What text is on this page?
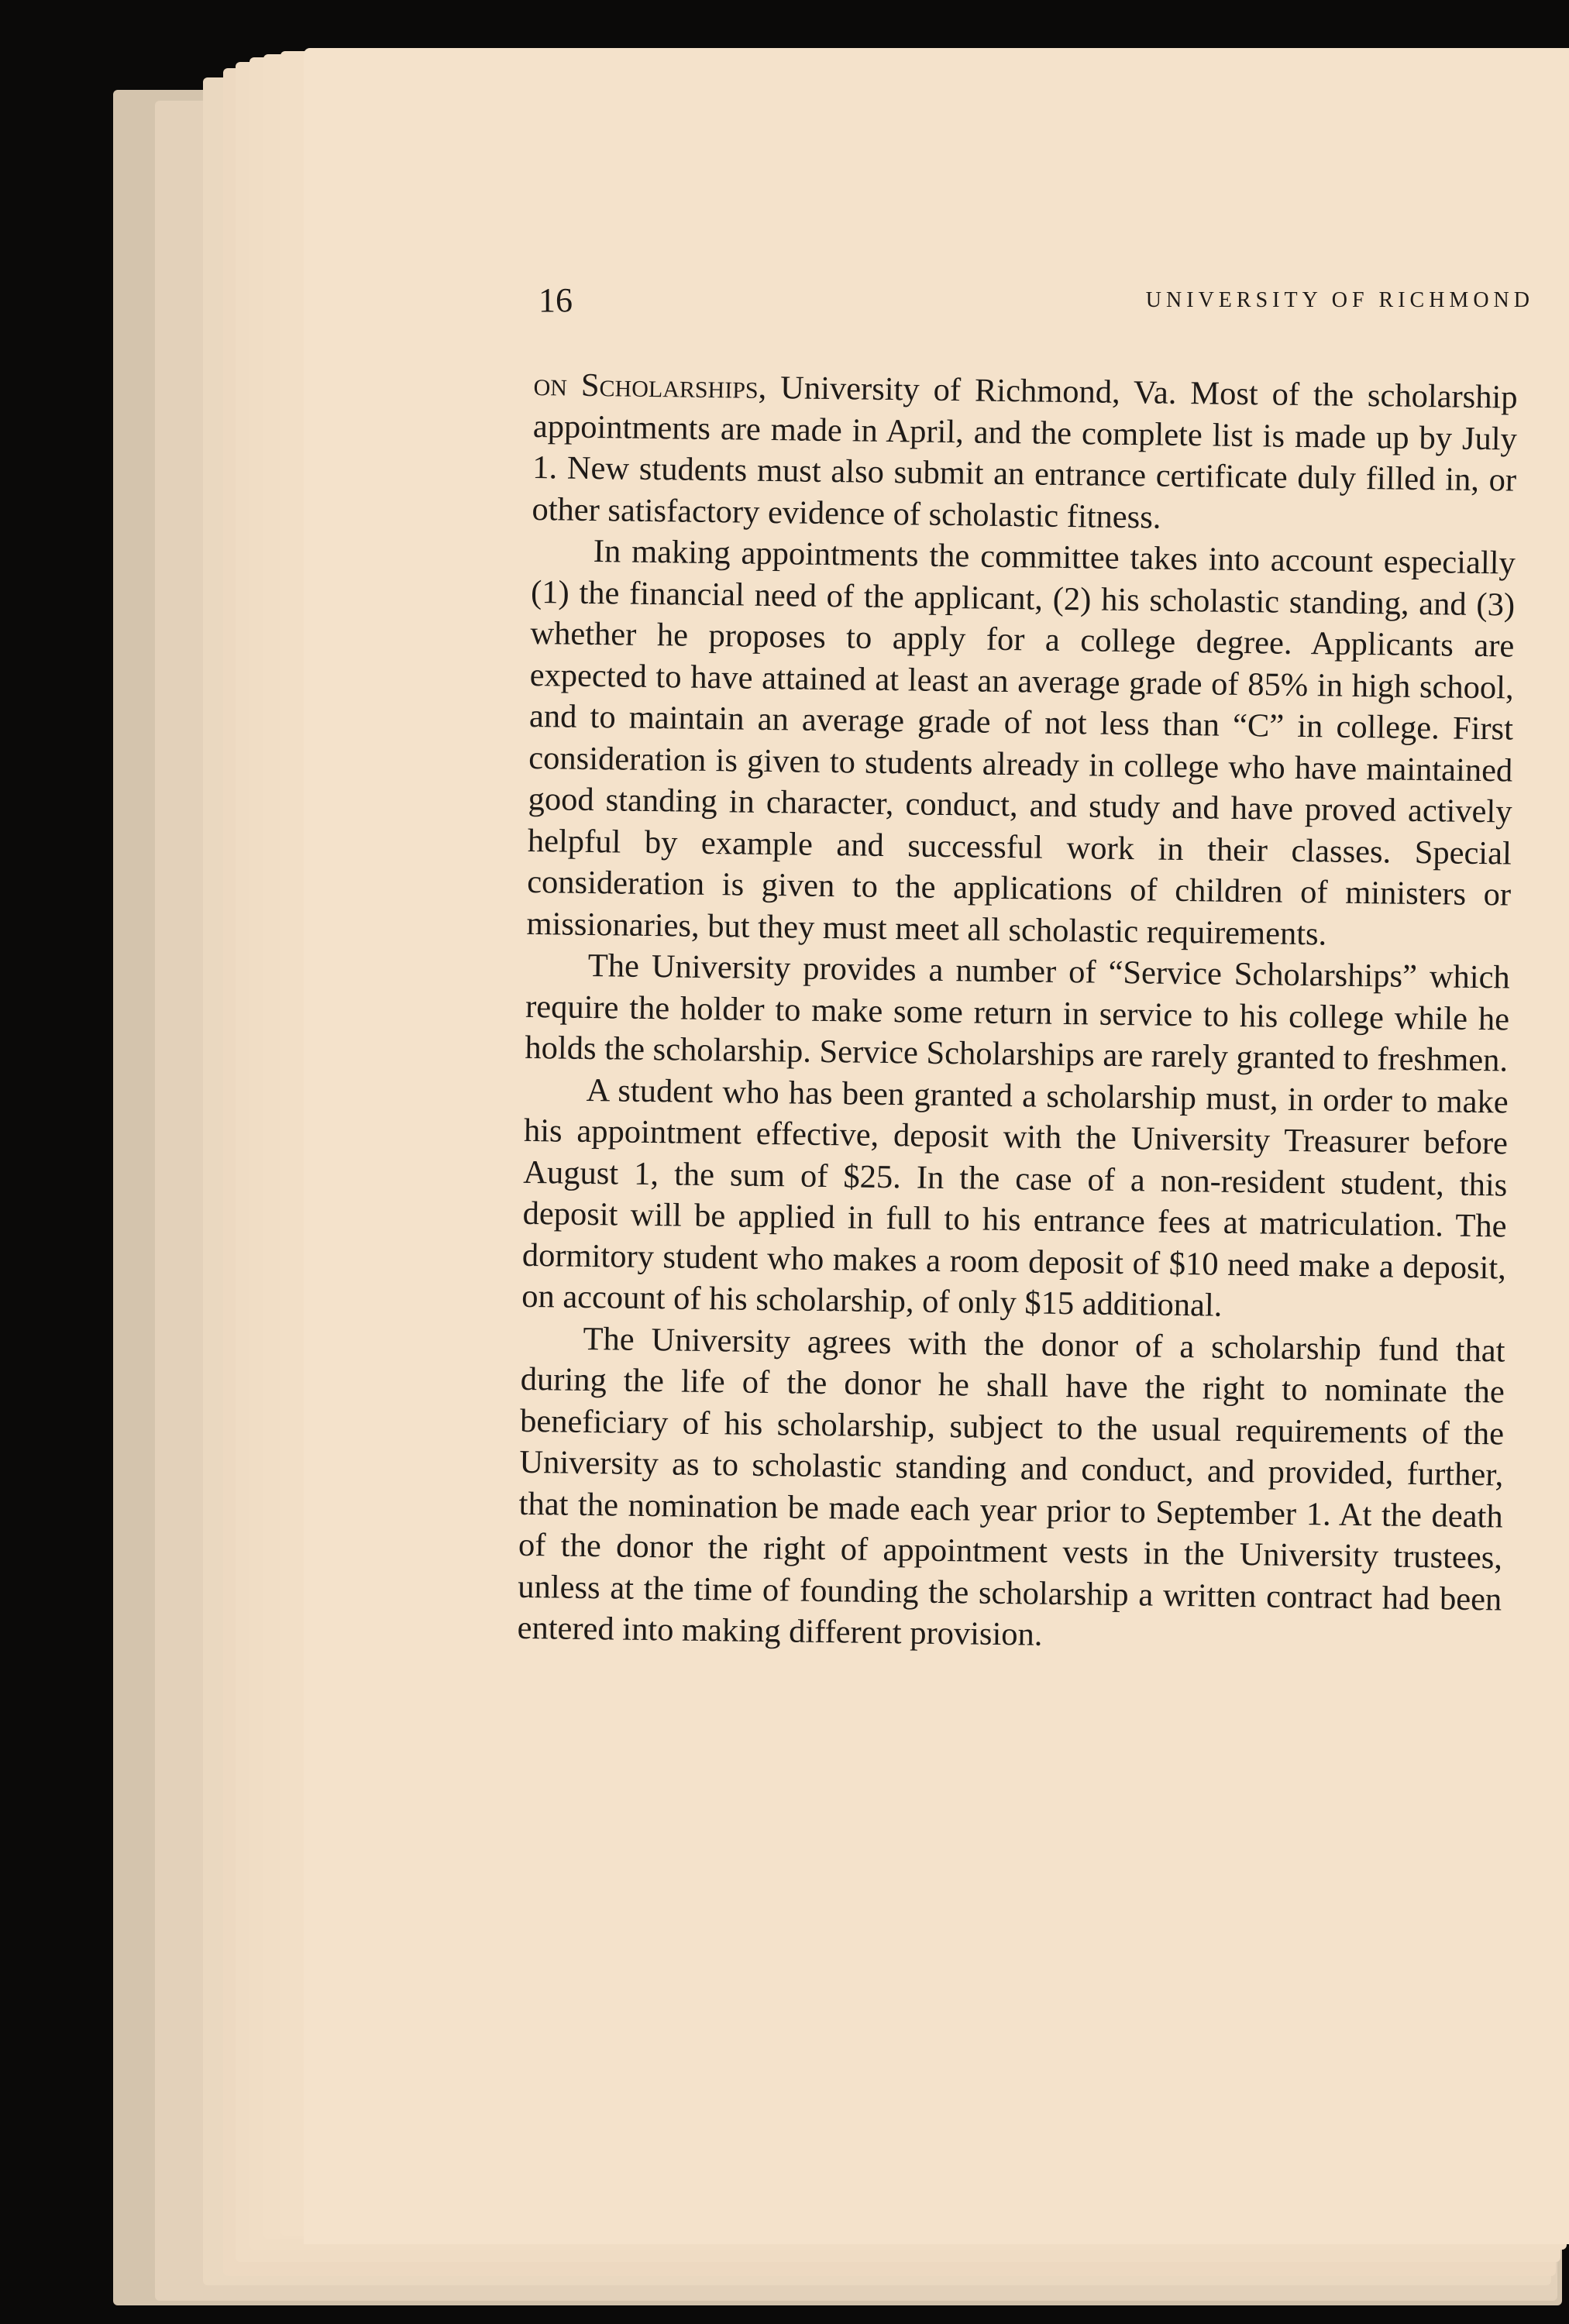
16	UNIVERSITY OF RICHMOND

on Scholarships, University of Richmond, Va. Most of the scholarship appointments are made in April, and the complete list is made up by July 1. New students must also submit an entrance certificate duly filled in, or other satisfactory evidence of scholastic fitness.

In making appointments the committee takes into account especially (1) the financial need of the applicant, (2) his scholastic standing, and (3) whether he proposes to apply for a college degree. Applicants are expected to have attained at least an average grade of 85% in high school, and to maintain an average grade of not less than “C” in college. First consideration is given to students already in college who have maintained good standing in character, conduct, and study and have proved actively helpful by example and successful work in their classes. Special consideration is given to the applications of children of ministers or missionaries, but they must meet all scholastic requirements.

The University provides a number of “Service Scholarships” which require the holder to make some return in service to his college while he holds the scholarship. Service Scholarships are rarely granted to freshmen.

A student who has been granted a scholarship must, in order to make his appointment effective, deposit with the University Treasurer before August 1, the sum of $25. In the case of a non-resident student, this deposit will be applied in full to his entrance fees at matriculation. The dormitory student who makes a room deposit of $10 need make a deposit, on account of his scholarship, of only $15 additional.

The University agrees with the donor of a scholarship fund that during the life of the donor he shall have the right to nominate the beneficiary of his scholarship, subject to the usual requirements of the University as to scholastic standing and conduct, and provided, further, that the nomination be made each year prior to September 1. At the death of the donor the right of appointment vests in the University trustees, unless at the time of founding the scholarship a written contract had been entered into making different provision.
